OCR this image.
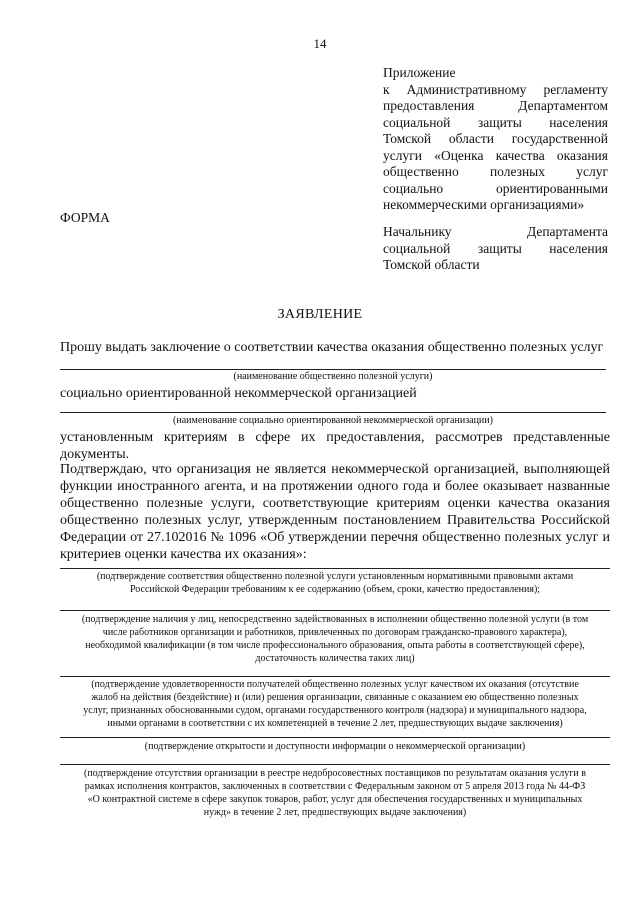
14
Приложение
к Административному регламенту
предоставления Департаментом
социальной защиты населения
Томской области государственной
услуги «Оценка качества оказания
общественно полезных услуг
социально ориентированными
некоммерческими организациями»
ФОРМА
Начальнику Департамента
социальной защиты населения
Томской области
ЗАЯВЛЕНИЕ
Прошу выдать заключение о соответствии качества оказания общественно полезных услуг
(наименование общественно полезной услуги)
социально ориентированной некоммерческой организацией
(наименование социально ориентированной некоммерческой организации)
установленным критериям в сфере их предоставления, рассмотрев представленные
документы.
Подтверждаю, что организация не является некоммерческой организацией, выполняющей
функции иностранного агента, и на протяжении одного года и более оказывает названные
общественно полезные услуги, соответствующие критериям оценки качества оказания
общественно полезных услуг, утвержденным постановлением Правительства Российской
Федерации от 27.102016 № 1096 «Об утверждении перечня общественно полезных услуг и
критериев оценки качества их оказания»:
(подтверждение соответствия общественно полезной услуги установленным нормативными правовыми актами
Российской Федерации требованиям к ее содержанию (объем, сроки, качество предоставления);
(подтверждение наличия у лиц, непосредственно задействованных в исполнении общественно полезной услуги (в том
числе работников организации и работников, привлеченных по договорам гражданско-правового характера),
необходимой квалификации (в том числе профессионального образования, опыта работы в соответствующей сфере),
достаточность количества таких лиц)
(подтверждение удовлетворенности получателей общественно полезных услуг качеством их оказания (отсутствие
жалоб на действия (бездействие) и (или) решения организации, связанные с оказанием ею общественно полезных
услуг, признанных обоснованными судом, органами государственного контроля (надзора) и муниципального надзора,
иными органами в соответствии с их компетенцией в течение 2 лет, предшествующих выдаче заключения)
(подтверждение открытости и доступности информации о некоммерческой организации)
(подтверждение отсутствия организации в реестре недобросовестных поставщиков по результатам оказания услуги в
рамках исполнения контрактов, заключенных в соответствии с Федеральным законом от 5 апреля 2013 года № 44-ФЗ
«О контрактной системе в сфере закупок товаров, работ, услуг для обеспечения государственных и муниципальных
нужд» в течение 2 лет, предшествующих выдаче заключения)
